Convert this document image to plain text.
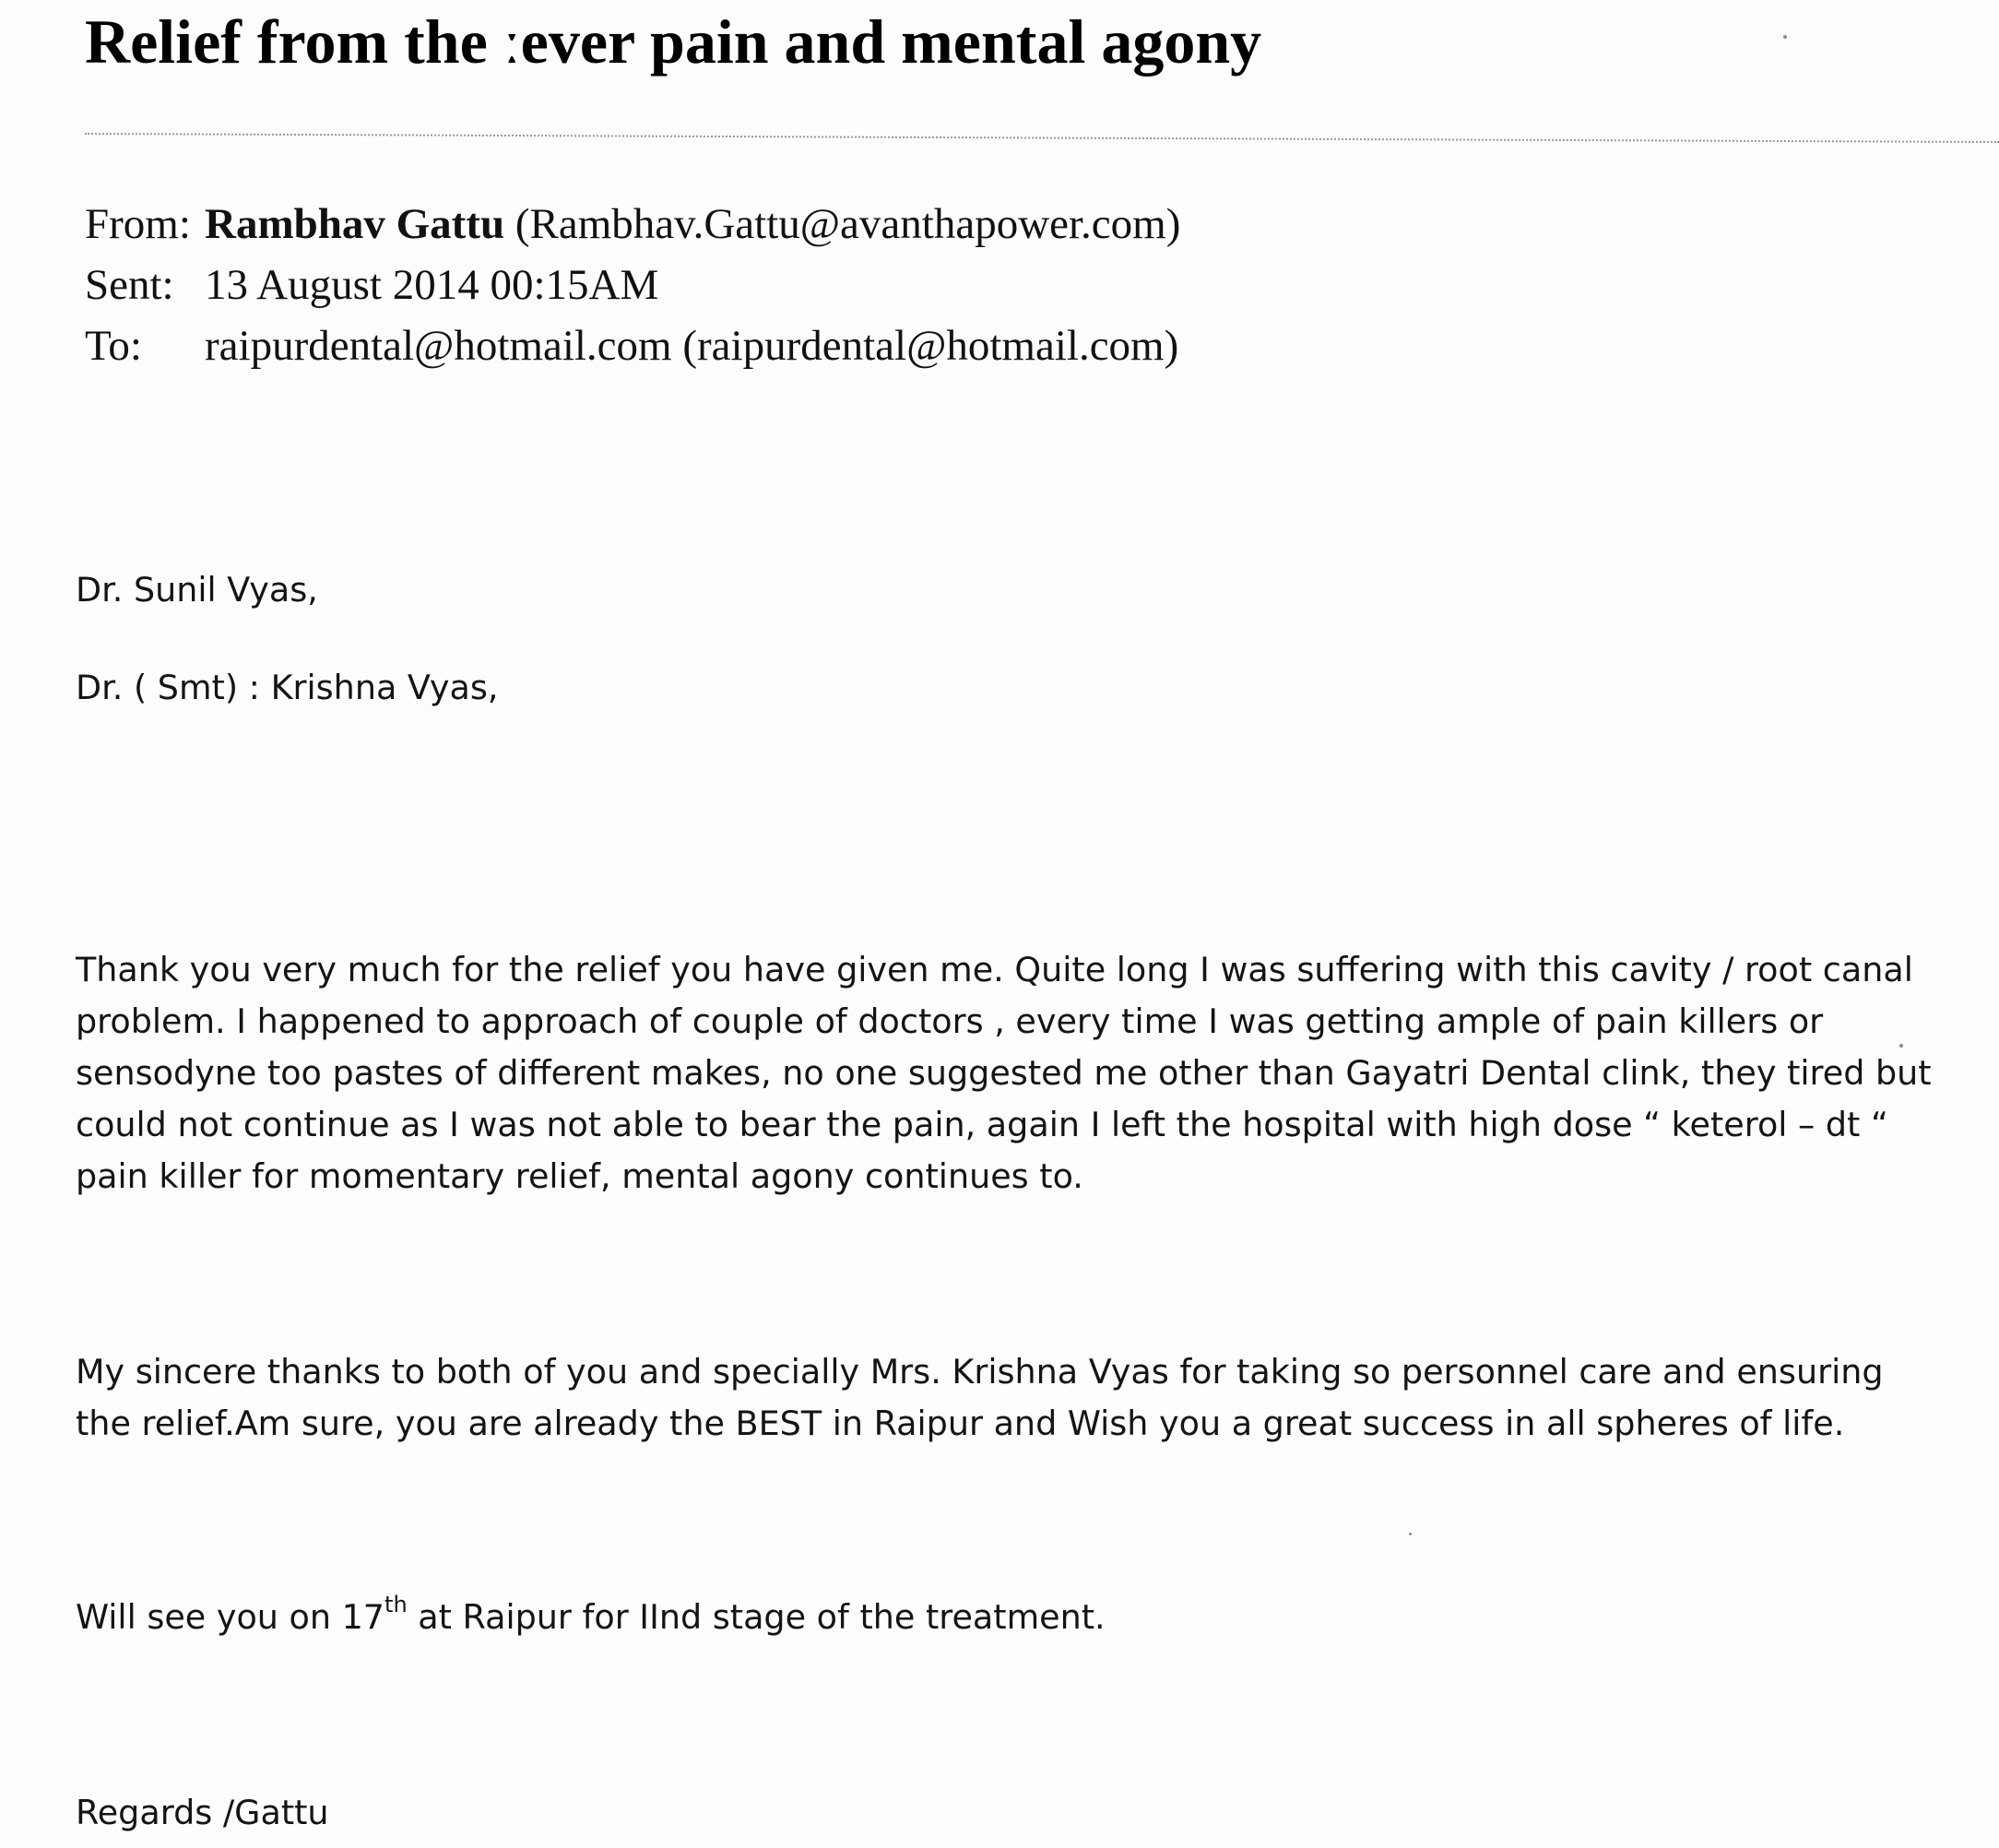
Relief from the ːever pain and mental agony
From: Rambhav Gattu (Rambhav.Gattu@avanthapower.com)
Sent: 13 August 2014 00:15AM
To: raipurdental@hotmail.com (raipurdental@hotmail.com)
Dr. Sunil Vyas,
Dr. ( Smt) : Krishna Vyas,
Thank you very much for the relief you have given me. Quite long I was suffering with this cavity / root canal
problem. I happened to approach of couple of doctors , every time I was getting ample of pain killers or
sensodyne too pastes of different makes, no one suggested me other than Gayatri Dental clink, they tired but
could not continue as I was not able to bear the pain, again I left the hospital with high dose “ keterol – dt “
pain killer for momentary relief, mental agony continues to.
My sincere thanks to both of you and specially Mrs. Krishna Vyas for taking so personnel care and ensuring
the relief.Am sure, you are already the BEST in Raipur and Wish you a great success in all spheres of life.
Will see you on 17th at Raipur for IInd stage of the treatment.
Regards /Gattu
